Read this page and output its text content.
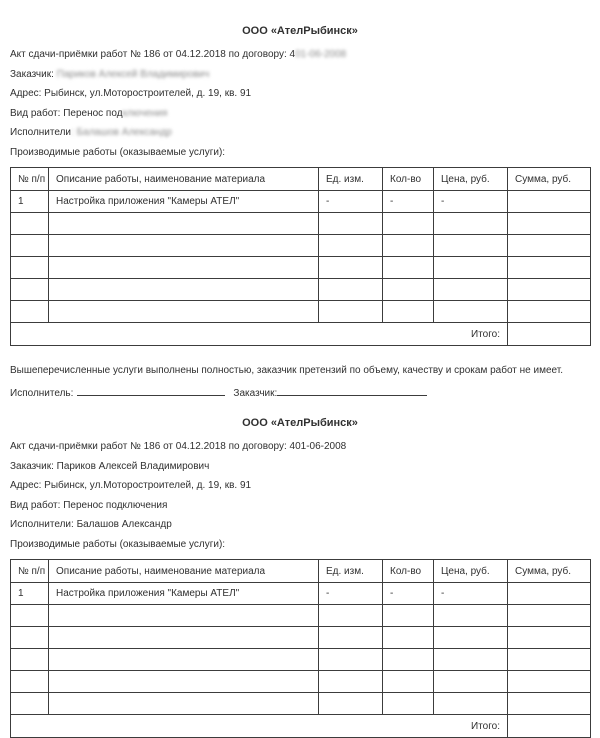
ООО «АтелРыбинск»

Акт сдачи-приёмки работ № 186 от 04.12.2018 по договору: 401-06-2008

Заказчик: Париков Алексей Владимирович

Адрес: Рыбинск, ул.Моторостроителей, д. 19, кв. 91

Вид работ: Перенос подключения

Исполнители: Балашов Александр

Производимые работы (оказываемые услуги):

№ п/п	Описание работы, наименование материала	Ед. изм.	Кол-во	Цена, руб.	Сумма, руб.
1	Настройка приложения "Камеры АТЕЛ"	-	-	-	

Итого:					

Вышеперечисленные услуги выполнены полностью, заказчик претензий по объему, качеству и срокам работ не имеет.

Исполнитель:	Заказчик:

ООО «АтелРыбинск»

Акт сдачи-приёмки работ № 186 от 04.12.2018 по договору: 401-06-2008

Заказчик: Париков Алексей Владимирович

Адрес: Рыбинск, ул.Моторостроителей, д. 19, кв. 91

Вид работ: Перенос подключения

Исполнители: Балашов Александр

Производимые работы (оказываемые услуги):

№ п/п	Описание работы, наименование материала	Ед. изм.	Кол-во	Цена, руб.	Сумма, руб.
1	Настройка приложения "Камеры АТЕЛ"	-	-	-	

Итого:					
